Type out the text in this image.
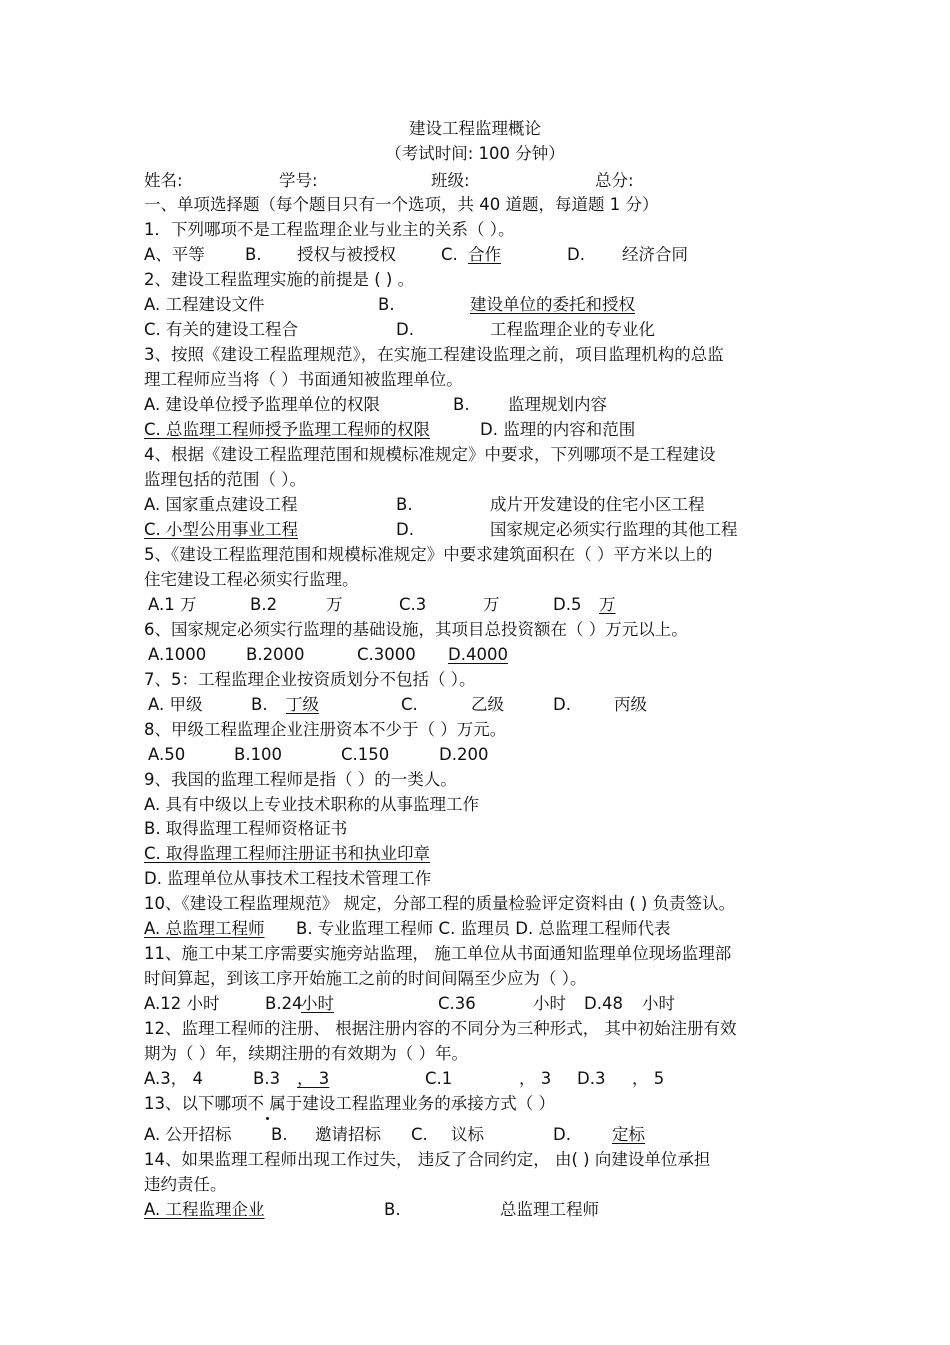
建设工程监理概论
（考试时间: 100 分钟）
姓名:	学号:	班级:	总分:
一、单项选择题（每个题目只有一个选项，共 40 道题，每道题 1 分）
1．下列哪项不是工程监理企业与业主的关系（ ）。
A、平等 B. 授权与被授权	C. 合作	D. 经济合同
2、建设工程监理实施的前提是 ( ) 。
A. 工程建设文件	B.	建设单位的委托和授权
C. 有关的建设工程合	D.	工程监理企业的专业化
3、按照《建设工程监理规范》，在实施工程建设监理之前，项目监理机构的总监
理工程师应当将（ ）书面通知被监理单位。
A. 建设单位授予监理单位的权限	B. 监理规划内容
C. 总监理工程师授予监理工程师的权限	D. 监理的内容和范围
4、根据《建设工程监理范围和规模标准规定》中要求，下列哪项不是工程建设
监理包括的范围（ ）。
A. 国家重点建设工程	B.	成片开发建设的住宅小区工程
C. 小型公用事业工程	D.	国家规定必须实行监理的其他工程
5、《建设工程监理范围和规模标准规定》中要求建筑面积在（ ）平方米以上的
住宅建设工程必须实行监理。
A.1 万	B.2	万	C.3	万	D.5 万
6、国家规定必须实行监理的基础设施，其项目总投资额在（ ）万元以上。
A.1000 B.2000	C.3000 D.4000
7、5：工程监理企业按资质划分不包括（ ）。
A. 甲级	B. 丁级	C.	乙级	D.	丙级
8、甲级工程监理企业注册资本不少于（ ）万元。
A.50	B.100	C.150	D.200
9、我国的监理工程师是指（ ）的一类人。
A. 具有中级以上专业技术职称的从事监理工作
B. 取得监理工程师资格证书
C. 取得监理工程师注册证书和执业印章
D. 监理单位从事技术工程技术管理工作
10、《建设工程监理规范》 规定，分部工程的质量检验评定资料由 ( ) 负责签认。
A. 总监理工程师 B. 专业监理工程师 C. 监理员 D. 总监理工程师代表
11、施工中某工序需要实施旁站监理， 施工单位从书面通知监理单位现场监理部
时间算起，到该工序开始施工之前的时间间隔至少应为（ ）。
A.12 小时	B.24
小时	C.36	小时 D.48 小时
12、监理工程师的注册、 根据注册内容的不同分为三种形式， 其中初始注册有效
期为（ ）年，续期注册的有效期为（ ）年。
A.3， 4	B.3 ， 3	C.1	， 3 D.3 ， 5
13、以下哪项不 属于建设工程监理业务的承接方式（ ）
A. 公开招标 B. 邀请招标 C. 议标	D. 定标
14、如果监理工程师出现工作过失， 违反了合同约定， 由( ) 向建设单位承担
违约责任。
A. 工程监理企业	B.	总监理工程师
